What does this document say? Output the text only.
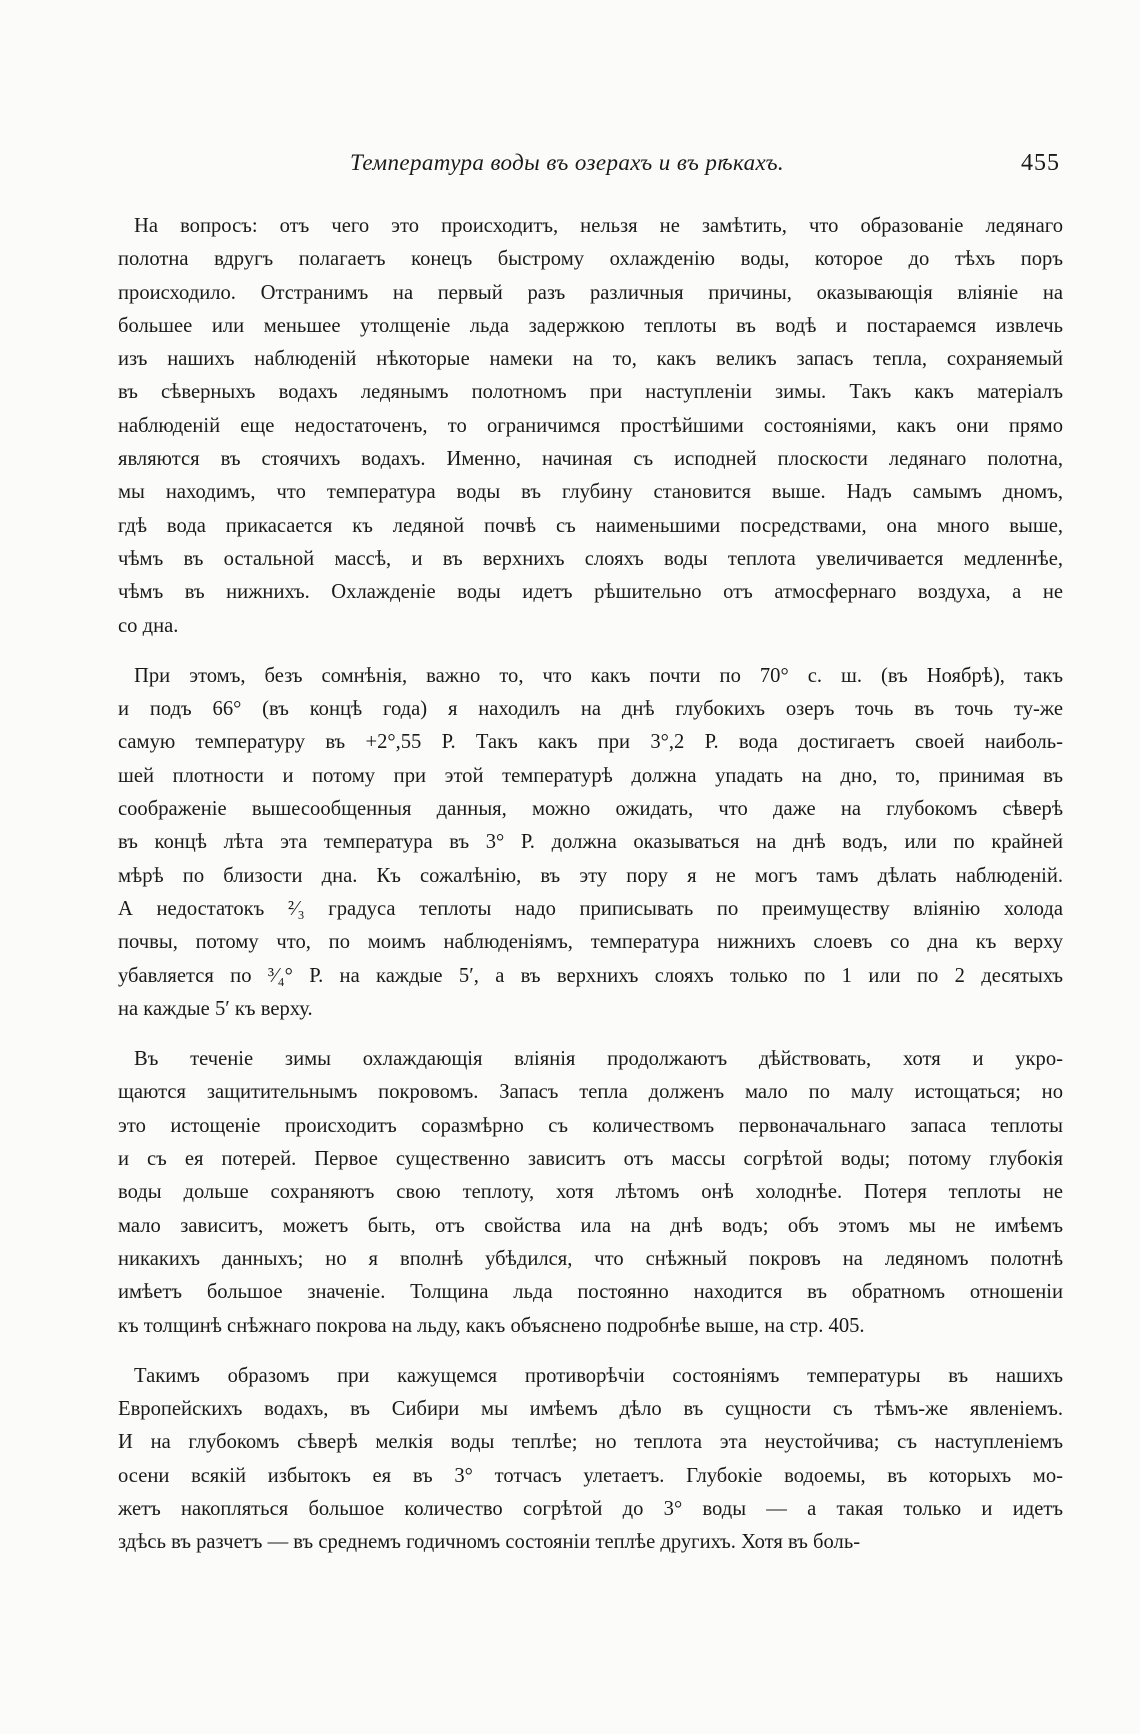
Температура воды въ озерахъ и въ рѣкахъ.	455
На вопросъ: отъ чего это происходитъ, нельзя не замѣтить, что образованіе ледянаго
полотна вдругъ полагаетъ конецъ быстрому охлажденію воды, которое до тѣхъ поръ
происходило. Отстранимъ на первый разъ различныя причины, оказывающія вліяніе на
большее или меньшее утолщеніе льда задержкою теплоты въ водѣ и постараемся извлечь
изъ нашихъ наблюденій нѣкоторые намеки на то, какъ великъ запасъ тепла, сохраняемый
въ сѣверныхъ водахъ ледянымъ полотномъ при наступленіи зимы. Такъ какъ матеріалъ
наблюденій еще недостаточенъ, то ограничимся простѣйшими состояніями, какъ они прямо
являются въ стоячихъ водахъ. Именно, начиная съ исподней плоскости ледянаго полотна,
мы находимъ, что температура воды въ глубину становится выше. Надъ самымъ дномъ,
гдѣ вода прикасается къ ледяной почвѣ съ наименьшими посредствами, она много выше,
чѣмъ въ остальной массѣ, и въ верхнихъ слояхъ воды теплота увеличивается медленнѣе,
чѣмъ въ нижнихъ. Охлажденіе воды идетъ рѣшительно отъ атмосфернаго воздуха, а не
со дна.
При этомъ, безъ сомнѣнія, важно то, что какъ почти по 70° с. ш. (въ Ноябрѣ), такъ
и подъ 66° (въ концѣ года) я находилъ на днѣ глубокихъ озеръ точь въ точь ту-же
самую температуру въ +2°,55 Р. Такъ какъ при 3°,2 Р. вода достигаетъ своей наиболь-
шей плотности и потому при этой температурѣ должна упадать на дно, то, принимая въ
соображеніе вышесообщенныя данныя, можно ожидать, что даже на глубокомъ сѣверѣ
въ концѣ лѣта эта температура въ 3° Р. должна оказываться на днѣ водъ, или по крайней
мѣрѣ по близости дна. Къ сожалѣнію, въ эту пору я не могъ тамъ дѣлать наблюденій.
А недостатокъ ²⁄₃ градуса теплоты надо приписывать по преимуществу вліянію холода
почвы, потому что, по моимъ наблюденіямъ, температура нижнихъ слоевъ со дна къ верху
убавляется по ³⁄₄° Р. на каждые 5′, а въ верхнихъ слояхъ только по 1 или по 2 десятыхъ
на каждые 5′ къ верху.
Въ теченіе зимы охлаждающія вліянія продолжаютъ дѣйствовать, хотя и укро-
щаются защитительнымъ покровомъ. Запасъ тепла долженъ мало по малу истощаться; но
это истощеніе происходитъ соразмѣрно съ количествомъ первоначальнаго запаса теплоты
и съ ея потерей. Первое существенно зависитъ отъ массы согрѣтой воды; потому глубокія
воды дольше сохраняютъ свою теплоту, хотя лѣтомъ онѣ холоднѣе. Потеря теплоты не
мало зависитъ, можетъ быть, отъ свойства ила на днѣ водъ; объ этомъ мы не имѣемъ
никакихъ данныхъ; но я вполнѣ убѣдился, что снѣжный покровъ на ледяномъ полотнѣ
имѣетъ большое значеніе. Толщина льда постоянно находится въ обратномъ отношеніи
къ толщинѣ снѣжнаго покрова на льду, какъ объяснено подробнѣе выше, на стр. 405.
Такимъ образомъ при кажущемся противорѣчіи состояніямъ температуры въ нашихъ
Европейскихъ водахъ, въ Сибири мы имѣемъ дѣло въ сущности съ тѣмъ-же явленіемъ.
И на глубокомъ сѣверѣ мелкія воды теплѣе; но теплота эта неустойчива; съ наступленіемъ
осени всякій избытокъ ея въ 3° тотчасъ улетаетъ. Глубокіе водоемы, въ которыхъ мо-
жетъ накопляться большое количество согрѣтой до 3° воды — а такая только и идетъ
здѣсь въ разчетъ — въ среднемъ годичномъ состояніи теплѣе другихъ. Хотя въ боль-
